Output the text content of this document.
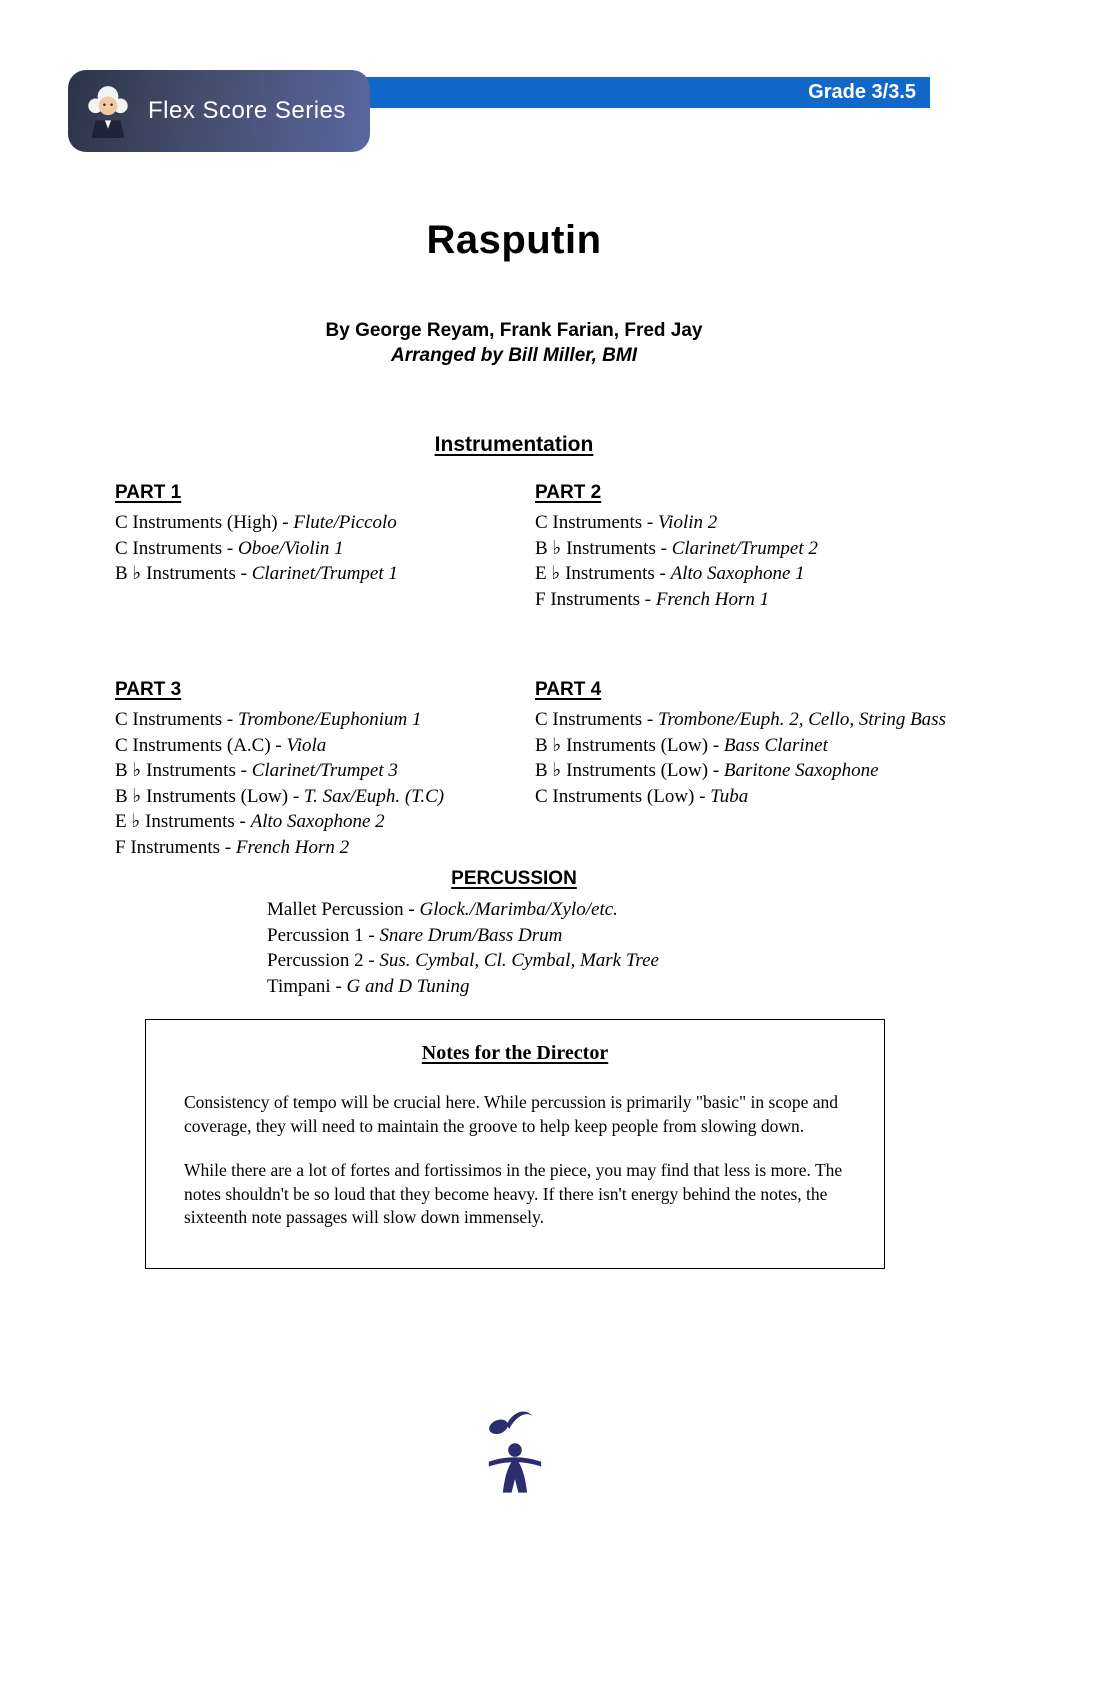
Grade 3/3.5
Flex Score Series
Rasputin
By George Reyam, Frank Farian, Fred Jay
Arranged by Bill Miller, BMI
Instrumentation
PART 1
C Instruments (High) - Flute/Piccolo
C Instruments - Oboe/Violin 1
B ♭ Instruments - Clarinet/Trumpet 1
PART 2
C Instruments - Violin 2
B ♭ Instruments - Clarinet/Trumpet 2
E ♭ Instruments - Alto Saxophone 1
F Instruments - French Horn 1
PART 3
C Instruments - Trombone/Euphonium 1
C Instruments (A.C) - Viola
B ♭ Instruments - Clarinet/Trumpet 3
B ♭ Instruments (Low) - T. Sax/Euph. (T.C)
E ♭ Instruments - Alto Saxophone 2
F Instruments - French Horn 2
PART 4
C Instruments - Trombone/Euph. 2, Cello, String Bass
B ♭ Instruments (Low) - Bass Clarinet
B ♭ Instruments (Low) - Baritone Saxophone
C Instruments (Low) - Tuba
PERCUSSION
Mallet Percussion - Glock./Marimba/Xylo/etc.
Percussion 1 - Snare Drum/Bass Drum
Percussion 2 - Sus. Cymbal, Cl. Cymbal, Mark Tree
Timpani - G and D Tuning
Notes for the Director

Consistency of tempo will be crucial here. While percussion is primarily "basic" in scope and coverage, they will need to maintain the groove to help keep people from slowing down.

While there are a lot of fortes and fortissimos in the piece, you may find that less is more. The notes shouldn't be so loud that they become heavy. If there isn't energy behind the notes, the sixteenth note passages will slow down immensely.
